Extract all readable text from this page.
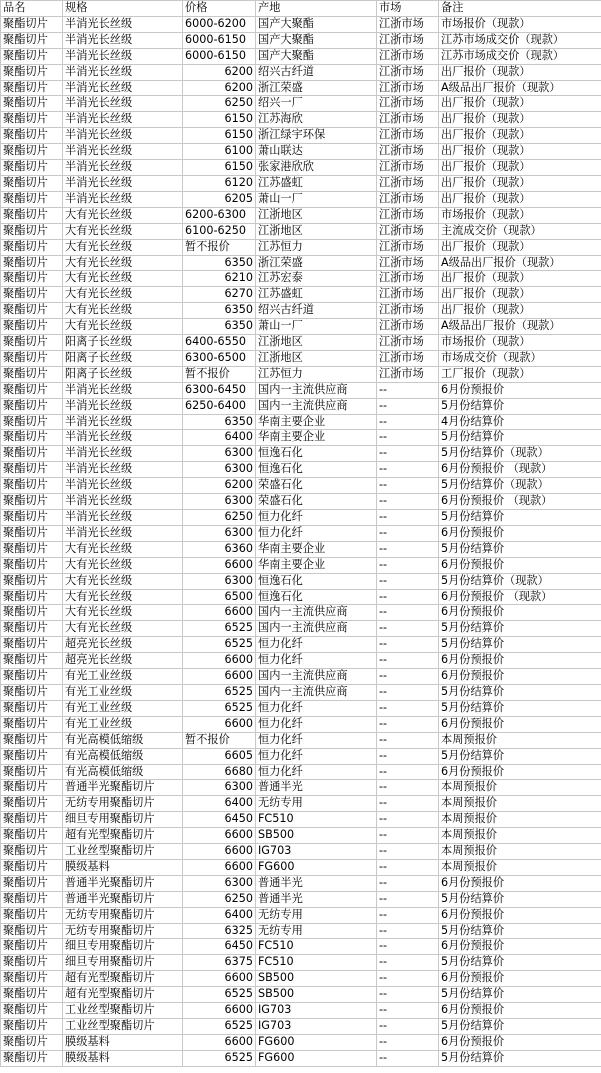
品名	规格	价格	产地	市场	备注
聚酯切片	半消光长丝级	6000-6200	国产大聚酯	江浙市场	市场报价（现款）
聚酯切片	半消光长丝级	6000-6150	国产大聚酯	江浙市场	江苏市场成交价（现款）
聚酯切片	半消光长丝级	6000-6150	国产大聚酯	江浙市场	江苏市场成交价（现款）
聚酯切片	半消光长丝级	6200	绍兴古纤道	江浙市场	出厂报价（现款）
聚酯切片	半消光长丝级	6200	浙江荣盛	江浙市场	A级品出厂报价（现款）
聚酯切片	半消光长丝级	6250	绍兴一厂	江浙市场	出厂报价（现款）
聚酯切片	半消光长丝级	6150	江苏海欣	江浙市场	出厂报价（现款）
聚酯切片	半消光长丝级	6150	浙江绿宇环保	江浙市场	出厂报价（现款）
聚酯切片	半消光长丝级	6100	萧山联达	江浙市场	出厂报价（现款）
聚酯切片	半消光长丝级	6150	张家港欣欣	江浙市场	出厂报价（现款）
聚酯切片	半消光长丝级	6120	江苏盛虹	江浙市场	出厂报价（现款）
聚酯切片	半消光长丝级	6205	萧山一厂	江浙市场	出厂报价（现款）
聚酯切片	大有光长丝级	6200-6300	江浙地区	江浙市场	市场报价（现款）
聚酯切片	大有光长丝级	6100-6250	江浙地区	江浙市场	主流成交价（现款）
聚酯切片	大有光长丝级	暂不报价	江苏恒力	江浙市场	出厂报价（现款）
聚酯切片	大有光长丝级	6350	浙江荣盛	江浙市场	A级品出厂报价（现款）
聚酯切片	大有光长丝级	6210	江苏宏泰	江浙市场	出厂报价（现款）
聚酯切片	大有光长丝级	6270	江苏盛虹	江浙市场	出厂报价（现款）
聚酯切片	大有光长丝级	6350	绍兴古纤道	江浙市场	出厂报价（现款）
聚酯切片	大有光长丝级	6350	萧山一厂	江浙市场	A级品出厂报价（现款）
聚酯切片	阳离子长丝级	6400-6550	江浙地区	江浙市场	市场报价（现款）
聚酯切片	阳离子长丝级	6300-6500	江浙地区	江浙市场	市场成交价（现款）
聚酯切片	阳离子长丝级	暂不报价	江苏恒力	江浙市场	工厂报价（现款）
聚酯切片	半消光长丝级	6300-6450	国内一主流供应商	--	6月份预报价
聚酯切片	半消光长丝级	6250-6400	国内一主流供应商	--	5月份结算价
聚酯切片	半消光长丝级	6350	华南主要企业	--	4月份结算价
聚酯切片	半消光长丝级	6400	华南主要企业	--	5月份结算价
聚酯切片	半消光长丝级	6300	恒逸石化	--	5月份结算价（现款）
聚酯切片	半消光长丝级	6300	恒逸石化	--	6月份预报价 （现款）
聚酯切片	半消光长丝级	6200	荣盛石化	--	5月份结算价（现款）
聚酯切片	半消光长丝级	6300	荣盛石化	--	6月份预报价 （现款）
聚酯切片	半消光长丝级	6250	恒力化纤	--	5月份结算价
聚酯切片	半消光长丝级	6300	恒力化纤	--	6月份预报价
聚酯切片	大有光长丝级	6360	华南主要企业	--	5月份结算价
聚酯切片	大有光长丝级	6600	华南主要企业	--	6月份预报价
聚酯切片	大有光长丝级	6300	恒逸石化	--	5月份结算价（现款）
聚酯切片	大有光长丝级	6500	恒逸石化	--	6月份预报价 （现款）
聚酯切片	大有光长丝级	6600	国内一主流供应商	--	6月份预报价
聚酯切片	大有光长丝级	6525	国内一主流供应商	--	5月份结算价
聚酯切片	超亮光长丝级	6525	恒力化纤	--	5月份结算价
聚酯切片	超亮光长丝级	6600	恒力化纤	--	6月份预报价
聚酯切片	有光工业丝级	6600	国内一主流供应商	--	6月份预报价
聚酯切片	有光工业丝级	6525	国内一主流供应商	--	5月份结算价
聚酯切片	有光工业丝级	6525	恒力化纤	--	5月份结算价
聚酯切片	有光工业丝级	6600	恒力化纤	--	6月份预报价
聚酯切片	有光高模低缩级	暂不报价	恒力化纤	--	本周预报价
聚酯切片	有光高模低缩级	6605	恒力化纤	--	5月份结算价
聚酯切片	有光高模低缩级	6680	恒力化纤	--	6月份预报价
聚酯切片	普通半光聚酯切片	6300	普通半光	--	本周预报价
聚酯切片	无纺专用聚酯切片	6400	无纺专用	--	本周预报价
聚酯切片	细旦专用聚酯切片	6450	FC510	--	本周预报价
聚酯切片	超有光型聚酯切片	6600	SB500	--	本周预报价
聚酯切片	工业丝型聚酯切片	6600	IG703	--	本周预报价
聚酯切片	膜级基料	6600	FG600	--	本周预报价
聚酯切片	普通半光聚酯切片	6300	普通半光	--	6月份预报价
聚酯切片	普通半光聚酯切片	6250	普通半光	--	5月份结算价
聚酯切片	无纺专用聚酯切片	6400	无纺专用	--	6月份预报价
聚酯切片	无纺专用聚酯切片	6325	无纺专用	--	5月份结算价
聚酯切片	细旦专用聚酯切片	6450	FC510	--	6月份预报价
聚酯切片	细旦专用聚酯切片	6375	FC510	--	5月份结算价
聚酯切片	超有光型聚酯切片	6600	SB500	--	6月份预报价
聚酯切片	超有光型聚酯切片	6525	SB500	--	5月份结算价
聚酯切片	工业丝型聚酯切片	6600	IG703	--	6月份预报价
聚酯切片	工业丝型聚酯切片	6525	IG703	--	5月份结算价
聚酯切片	膜级基料	6600	FG600	--	6月份预报价
聚酯切片	膜级基料	6525	FG600	--	5月份结算价
